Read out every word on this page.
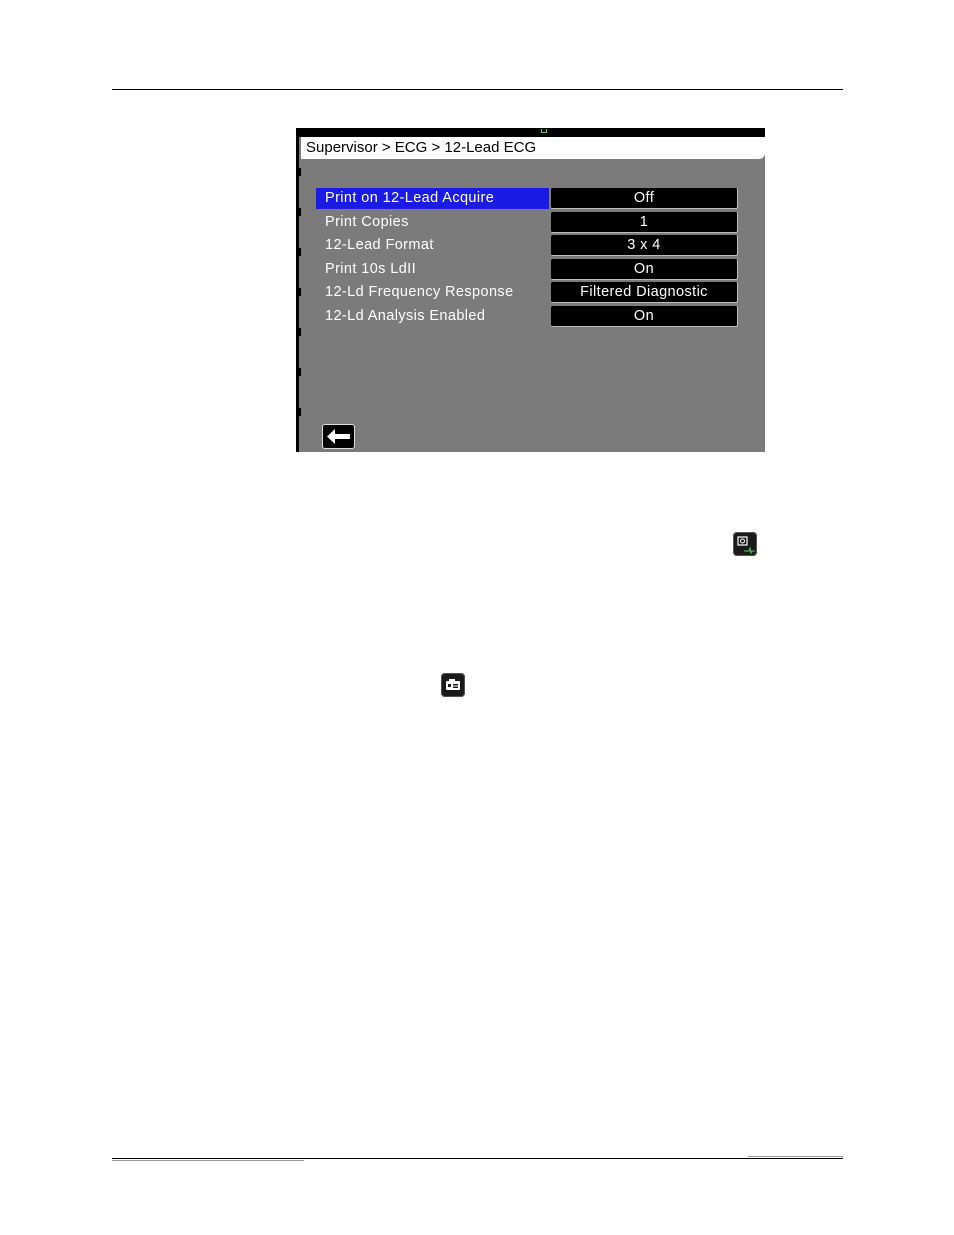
Supervisor > ECG > 12-Lead ECG
Print on 12-Lead Acquire	Off
Print Copies	1
12-Lead Format	3 x 4
Print 10s LdII	On
12-Ld Frequency Response	Filtered Diagnostic
12-Ld Analysis Enabled	On
